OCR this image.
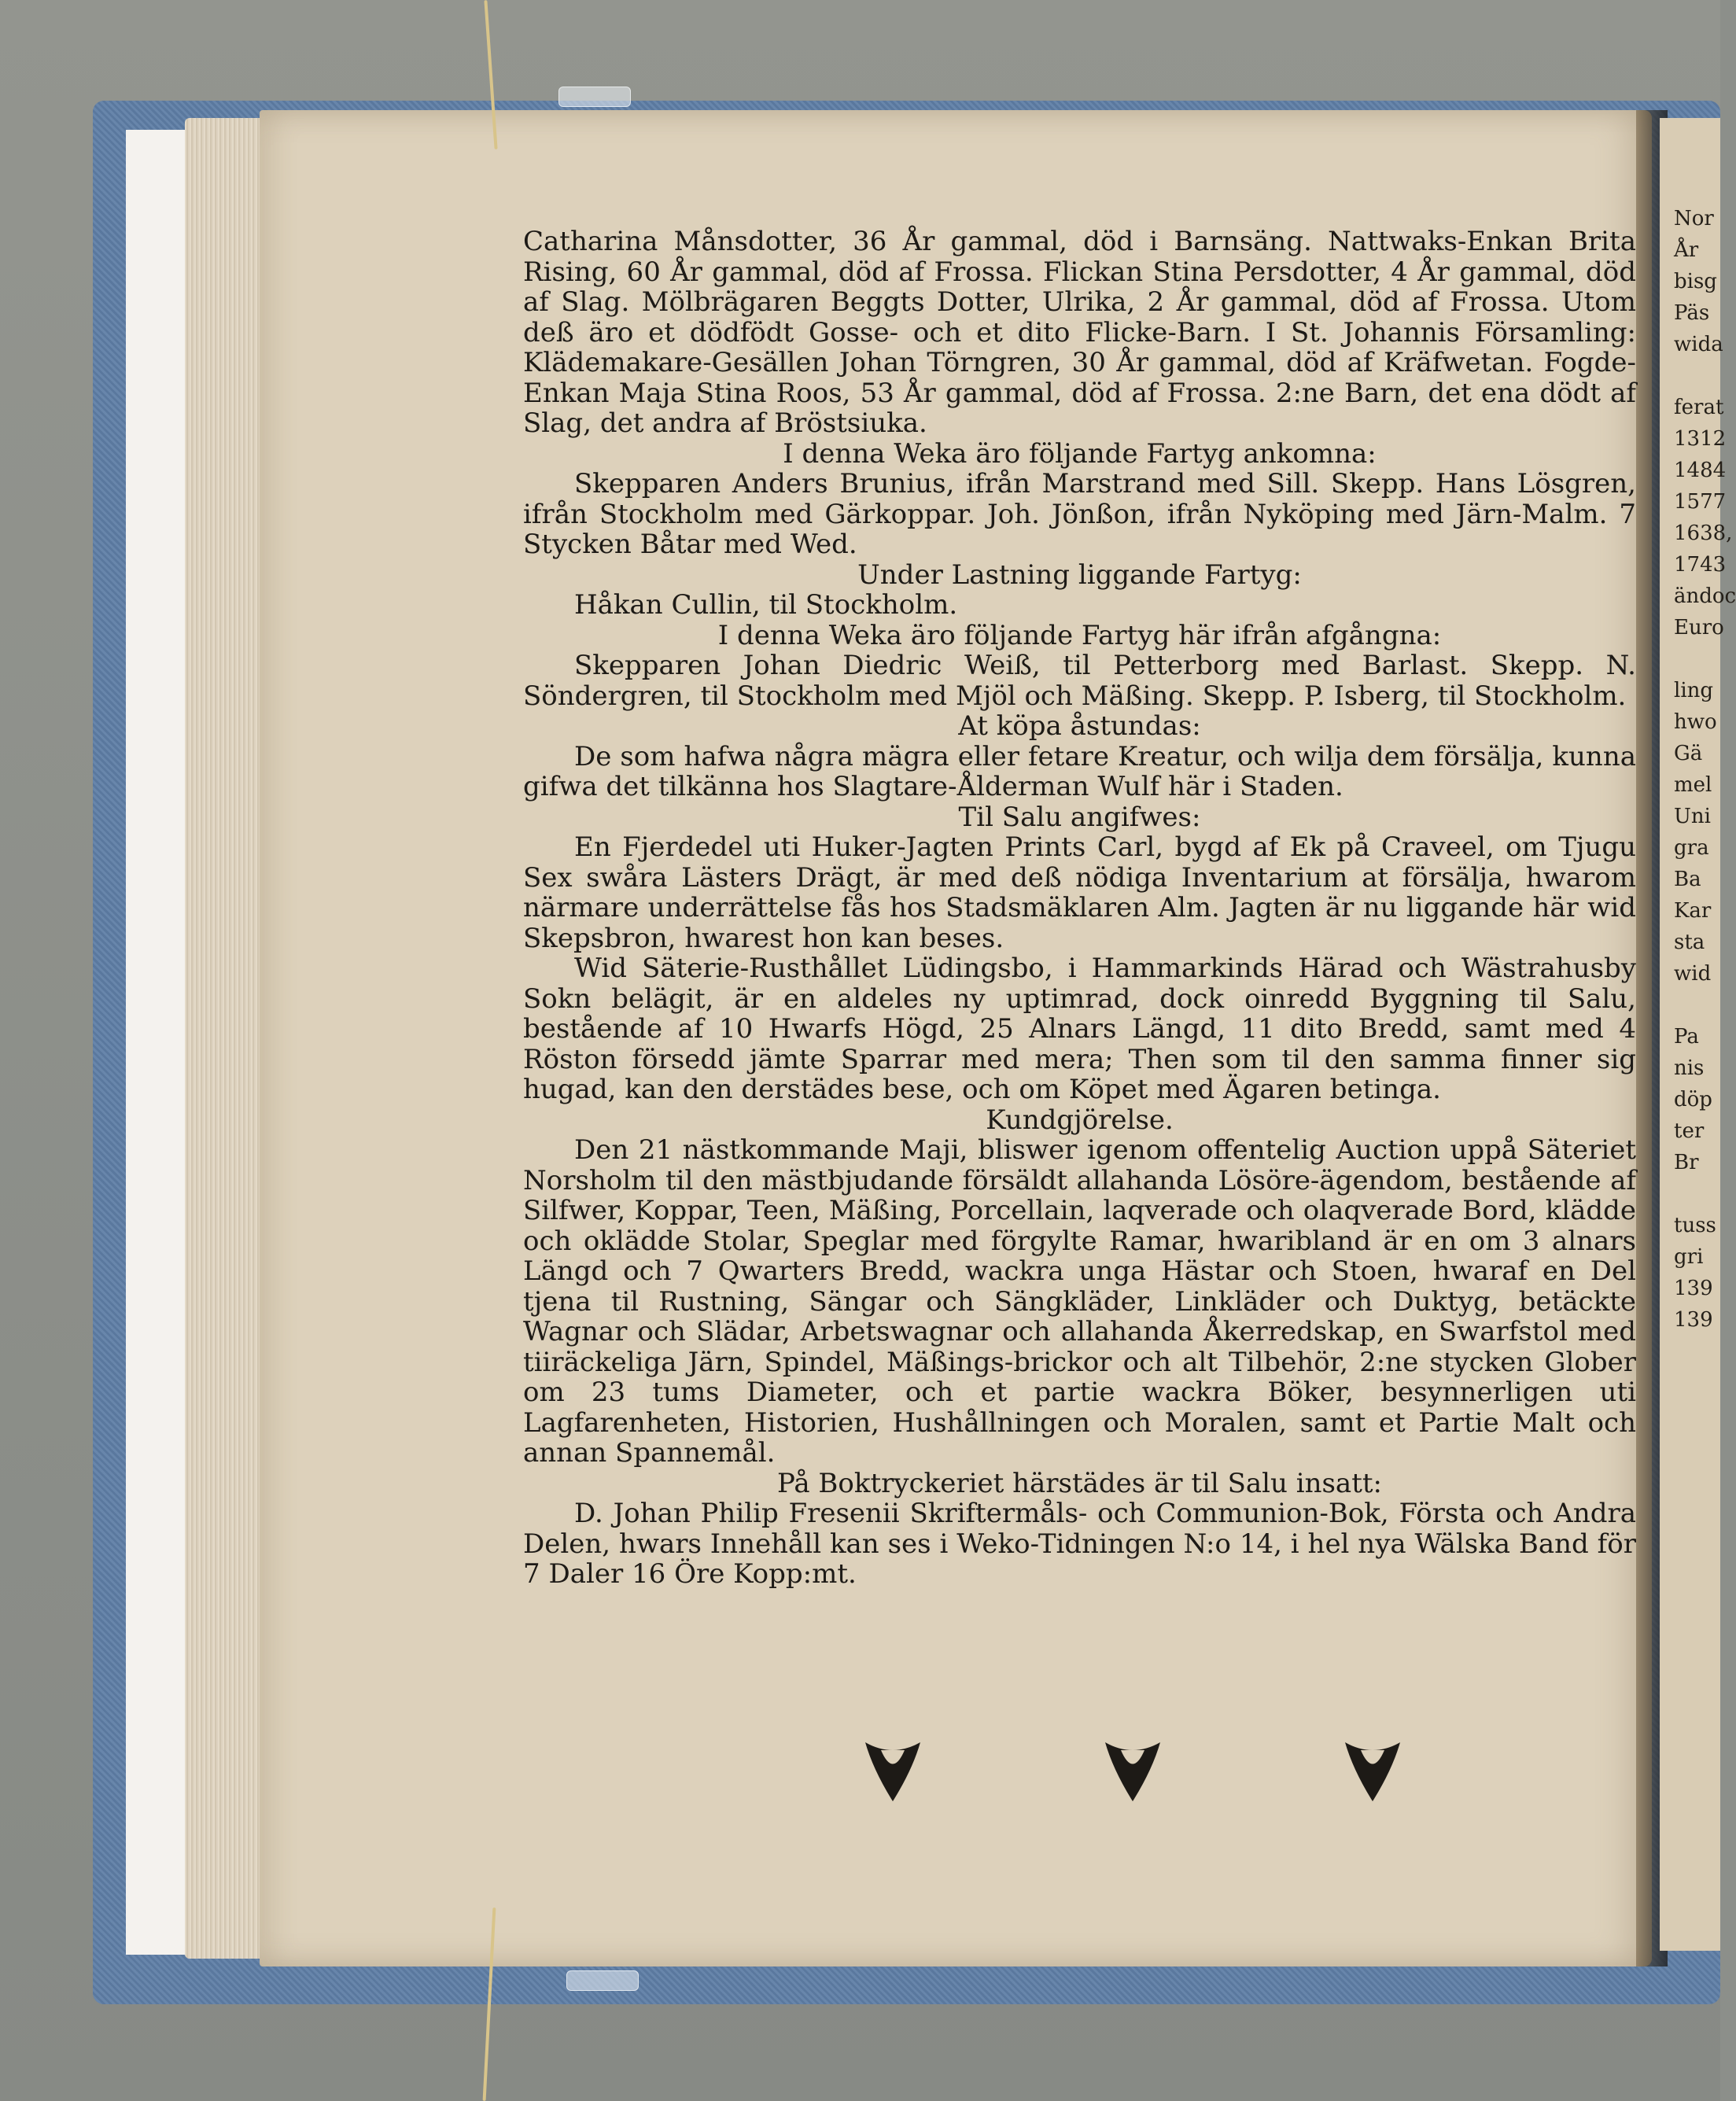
Catharina Månsdotter, 36 År gammal, död i Barnsäng. Nattwaks-Enkan Brita Rising, 60 År gammal, död af Frossa. Flickan Stina Persdotter, 4 År gammal, död af Slag. Mölbrägaren Beggts Dotter, Ulrika, 2 År gammal, död af Frossa. Utom deß äro et dödfödt Gosse- och et dito Flicke-Barn. I St. Johannis Församling: Klädemakare-Gesällen Johan Törngren, 30 År gammal, död af Kräfwetan. Fogde-Enkan Maja Stina Roos, 53 År gammal, död af Frossa. 2:ne Barn, det ena dödt af Slag, det andra af Bröstsiuka.

I denna Weka äro följande Fartyg ankomna:

Skepparen Anders Brunius, ifrån Marstrand med Sill. Skepp. Hans Lösgren, ifrån Stockholm med Gärkoppar. Joh. Jönßon, ifrån Nyköping med Järn-Malm. 7 Stycken Båtar med Wed.

Under Lastning liggande Fartyg:

Håkan Cullin, til Stockholm.

I denna Weka äro följande Fartyg här ifrån afgångna:

Skepparen Johan Diedric Weiß, til Petterborg med Barlast. Skepp. N. Söndergren, til Stockholm med Mjöl och Mäßing. Skepp. P. Isberg, til Stockholm.

At köpa åstundas:

De som hafwa några mägra eller fetare Kreatur, och wilja dem försälja, kunna gifwa det tilkänna hos Slagtare-Ålderman Wulf här i Staden.

Til Salu angifwes:

En Fjerdedel uti Huker-Jagten Prints Carl, bygd af Ek på Craveel, om Tjugu Sex swåra Lästers Drägt, är med deß nödiga Inventarium at försälja, hwarom närmare underrättelse fås hos Stadsmäklaren Alm. Jagten är nu liggande här wid Skepsbron, hwarest hon kan beses.

Wid Säterie-Rusthållet Lüdingsbo, i Hammarkinds Härad och Wästrahusby Sokn belägit, är en aldeles ny uptimrad, dock oinredd Byggning til Salu, bestående af 10 Hwarfs Högd, 25 Alnars Längd, 11 dito Bredd, samt med 4 Röston försedd jämte Sparrar med mera; Then som til den samma finner sig hugad, kan den derstädes bese, och om Köpet med Ägaren betinga.

Kundgjörelse.

Den 21 nästkommande Maji, bliswer igenom offentelig Auction uppå Säteriet Norsholm til den mästbjudande försäldt allahanda Lösöre-ägendom, bestående af Silfwer, Koppar, Teen, Mäßing, Porcellain, laqverade och olaqverade Bord, klädde och oklädde Stolar, Speglar med förgylte Ramar, hwaribland är en om 3 alnars Längd och 7 Qwarters Bredd, wackra unga Hästar och Stoen, hwaraf en Del tjena til Rustning, Sängar och Sängkläder, Linkläder och Duktyg, betäckte Wagnar och Slädar, Arbetswagnar och allahanda Åkerredskap, en Swarfstol med tiiräckeliga Järn, Spindel, Mäßings-brickor och alt Tilbehör, 2:ne stycken Glober om 23 tums Diameter, och et partie wackra Böker, besynnerligen uti Lagfarenheten, Historien, Hushållningen och Moralen, samt et Partie Malt och annan Spannemål.

På Boktryckeriet härstädes är til Salu insatt:

D. Johan Philip Fresenii Skriftermåls- och Communion-Bok, Första och Andra Delen, hwars Innehåll kan ses i Weko-Tidningen N:o 14, i hel nya Wälska Band för 7 Daler 16 Öre Kopp:mt.

Nor
År
bisg
Päs
wida
ferat
1312
1484
1577
1638,
1743
ändoc
Euro
ling
hwo
Gä
mel
Uni
gra
Ba
Kar
sta
wid
Pa
nis
döp
ter
Br
tuss
gri
139
139
